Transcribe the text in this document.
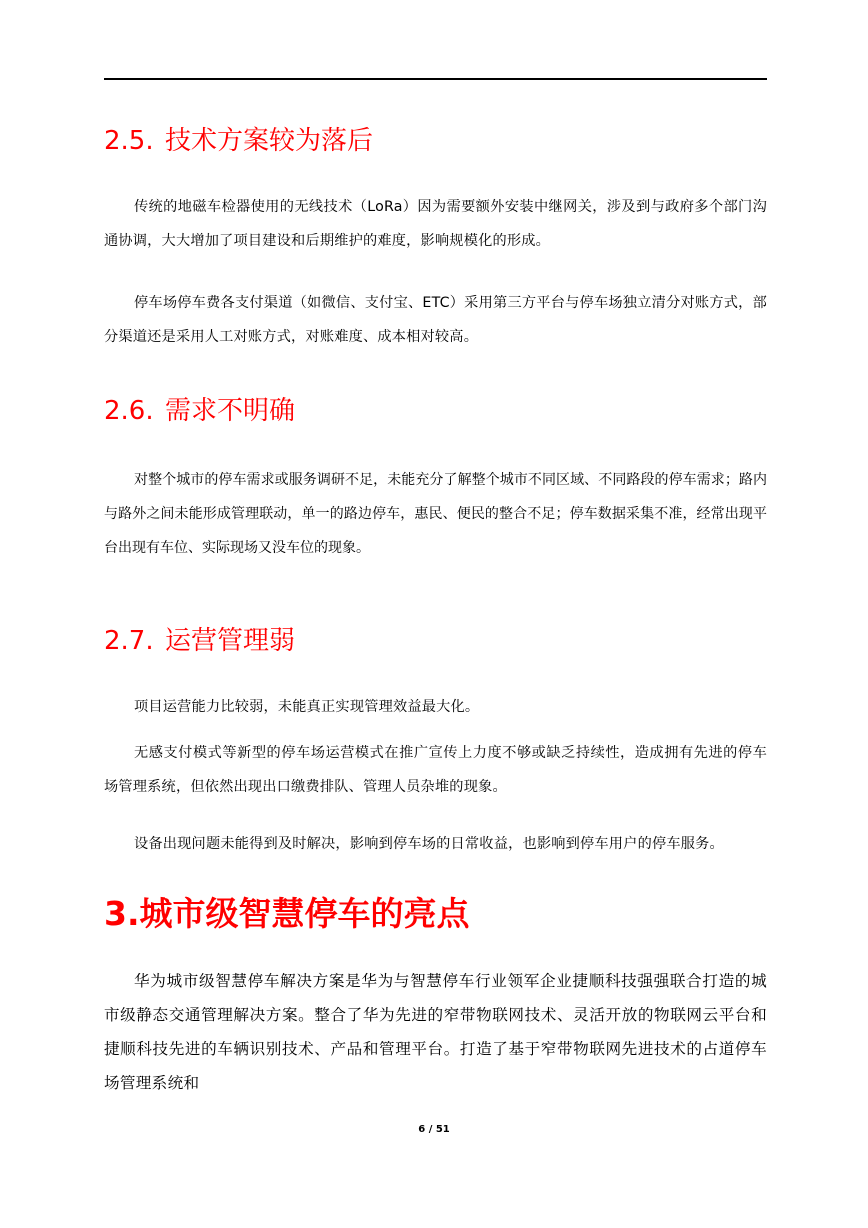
2.5. 技术方案较为落后

传统的地磁车检器使用的无线技术（LoRa）因为需要额外安装中继网关，涉及到与政府多个部门沟通协调，大大增加了项目建设和后期维护的难度，影响规模化的形成。

停车场停车费各支付渠道（如微信、支付宝、ETC）采用第三方平台与停车场独立清分对账方式，部分渠道还是采用人工对账方式，对账难度、成本相对较高。

2.6. 需求不明确

对整个城市的停车需求或服务调研不足，未能充分了解整个城市不同区域、不同路段的停车需求；路内与路外之间未能形成管理联动，单一的路边停车，惠民、便民的整合不足；停车数据采集不准，经常出现平台出现有车位、实际现场又没车位的现象。

2.7. 运营管理弱

项目运营能力比较弱，未能真正实现管理效益最大化。

无感支付模式等新型的停车场运营模式在推广宣传上力度不够或缺乏持续性，造成拥有先进的停车场管理系统，但依然出现出口缴费排队、管理人员杂堆的现象。

设备出现问题未能得到及时解决，影响到停车场的日常收益，也影响到停车用户的停车服务。

3.城市级智慧停车的亮点

华为城市级智慧停车解决方案是华为与智慧停车行业领军企业捷顺科技强强联合打造的城市级静态交通管理解决方案。整合了华为先进的窄带物联网技术、灵活开放的物联网云平台和捷顺科技先进的车辆识别技术、产品和管理平台。打造了基于窄带物联网先进技术的占道停车场管理系统和

6 / 51
